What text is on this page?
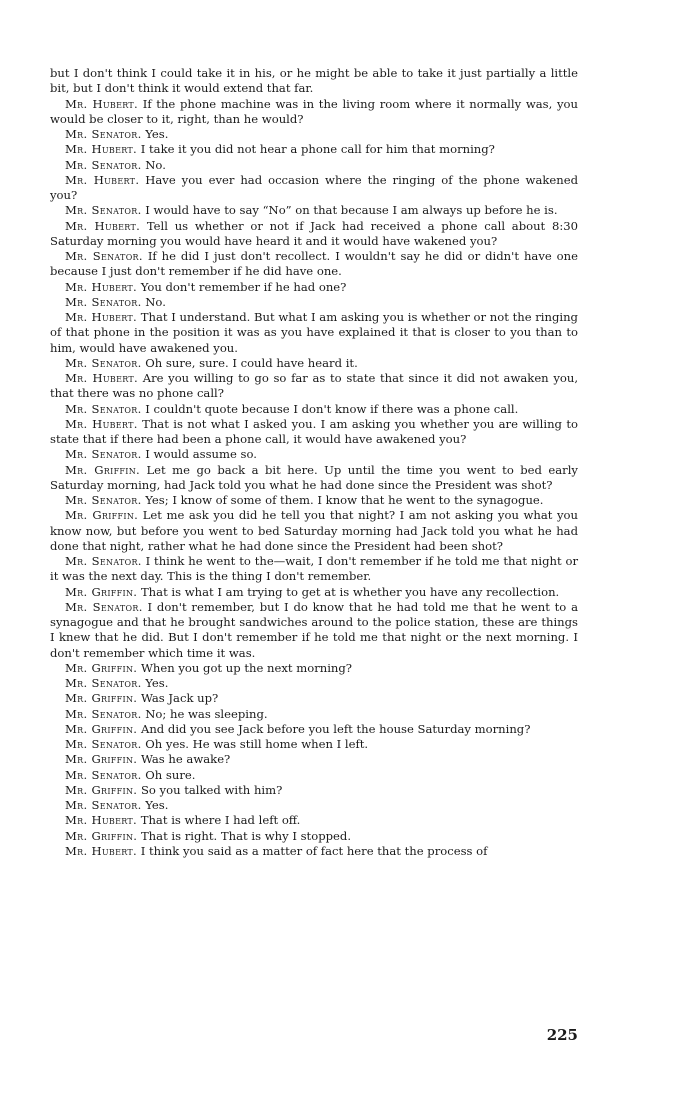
but I don't think I could take it in his, or he might be able to take it just partially a little bit, but I don't think it would extend that far.

Mr. Hubert. If the phone machine was in the living room where it normally was, you would be closer to it, right, than he would?

Mr. Senator. Yes.

Mr. Hubert. I take it you did not hear a phone call for him that morning?

Mr. Senator. No.

Mr. Hubert. Have you ever had occasion where the ringing of the phone wakened you?

Mr. Senator. I would have to say “No” on that because I am always up before he is.

Mr. Hubert. Tell us whether or not if Jack had received a phone call about 8:30 Saturday morning you would have heard it and it would have wakened you?

Mr. Senator. If he did I just don't recollect. I wouldn't say he did or didn't have one because I just don't remember if he did have one.

Mr. Hubert. You don't remember if he had one?

Mr. Senator. No.

Mr. Hubert. That I understand. But what I am asking you is whether or not the ringing of that phone in the position it was as you have explained it that is closer to you than to him, would have awakened you.

Mr. Senator. Oh sure, sure. I could have heard it.

Mr. Hubert. Are you willing to go so far as to state that since it did not awaken you, that there was no phone call?

Mr. Senator. I couldn't quote because I don't know if there was a phone call.

Mr. Hubert. That is not what I asked you. I am asking you whether you are willing to state that if there had been a phone call, it would have awakened you?

Mr. Senator. I would assume so.

Mr. Griffin. Let me go back a bit here. Up until the time you went to bed early Saturday morning, had Jack told you what he had done since the President was shot?

Mr. Senator. Yes; I know of some of them. I know that he went to the synagogue.

Mr. Griffin. Let me ask you did he tell you that night? I am not asking you what you know now, but before you went to bed Saturday morning had Jack told you what he had done that night, rather what he had done since the President had been shot?

Mr. Senator. I think he went to the—wait, I don't remember if he told me that night or it was the next day. This is the thing I don't remember.

Mr. Griffin. That is what I am trying to get at is whether you have any recollection.

Mr. Senator. I don't remember, but I do know that he had told me that he went to a synagogue and that he brought sandwiches around to the police station, these are things I knew that he did. But I don't remember if he told me that night or the next morning. I don't remember which time it was.

Mr. Griffin. When you got up the next morning?

Mr. Senator. Yes.

Mr. Griffin. Was Jack up?

Mr. Senator. No; he was sleeping.

Mr. Griffin. And did you see Jack before you left the house Saturday morning?

Mr. Senator. Oh yes. He was still home when I left.

Mr. Griffin. Was he awake?

Mr. Senator. Oh sure.

Mr. Griffin. So you talked with him?

Mr. Senator. Yes.

Mr. Hubert. That is where I had left off.

Mr. Griffin. That is right. That is why I stopped.

Mr. Hubert. I think you said as a matter of fact here that the process of

225
